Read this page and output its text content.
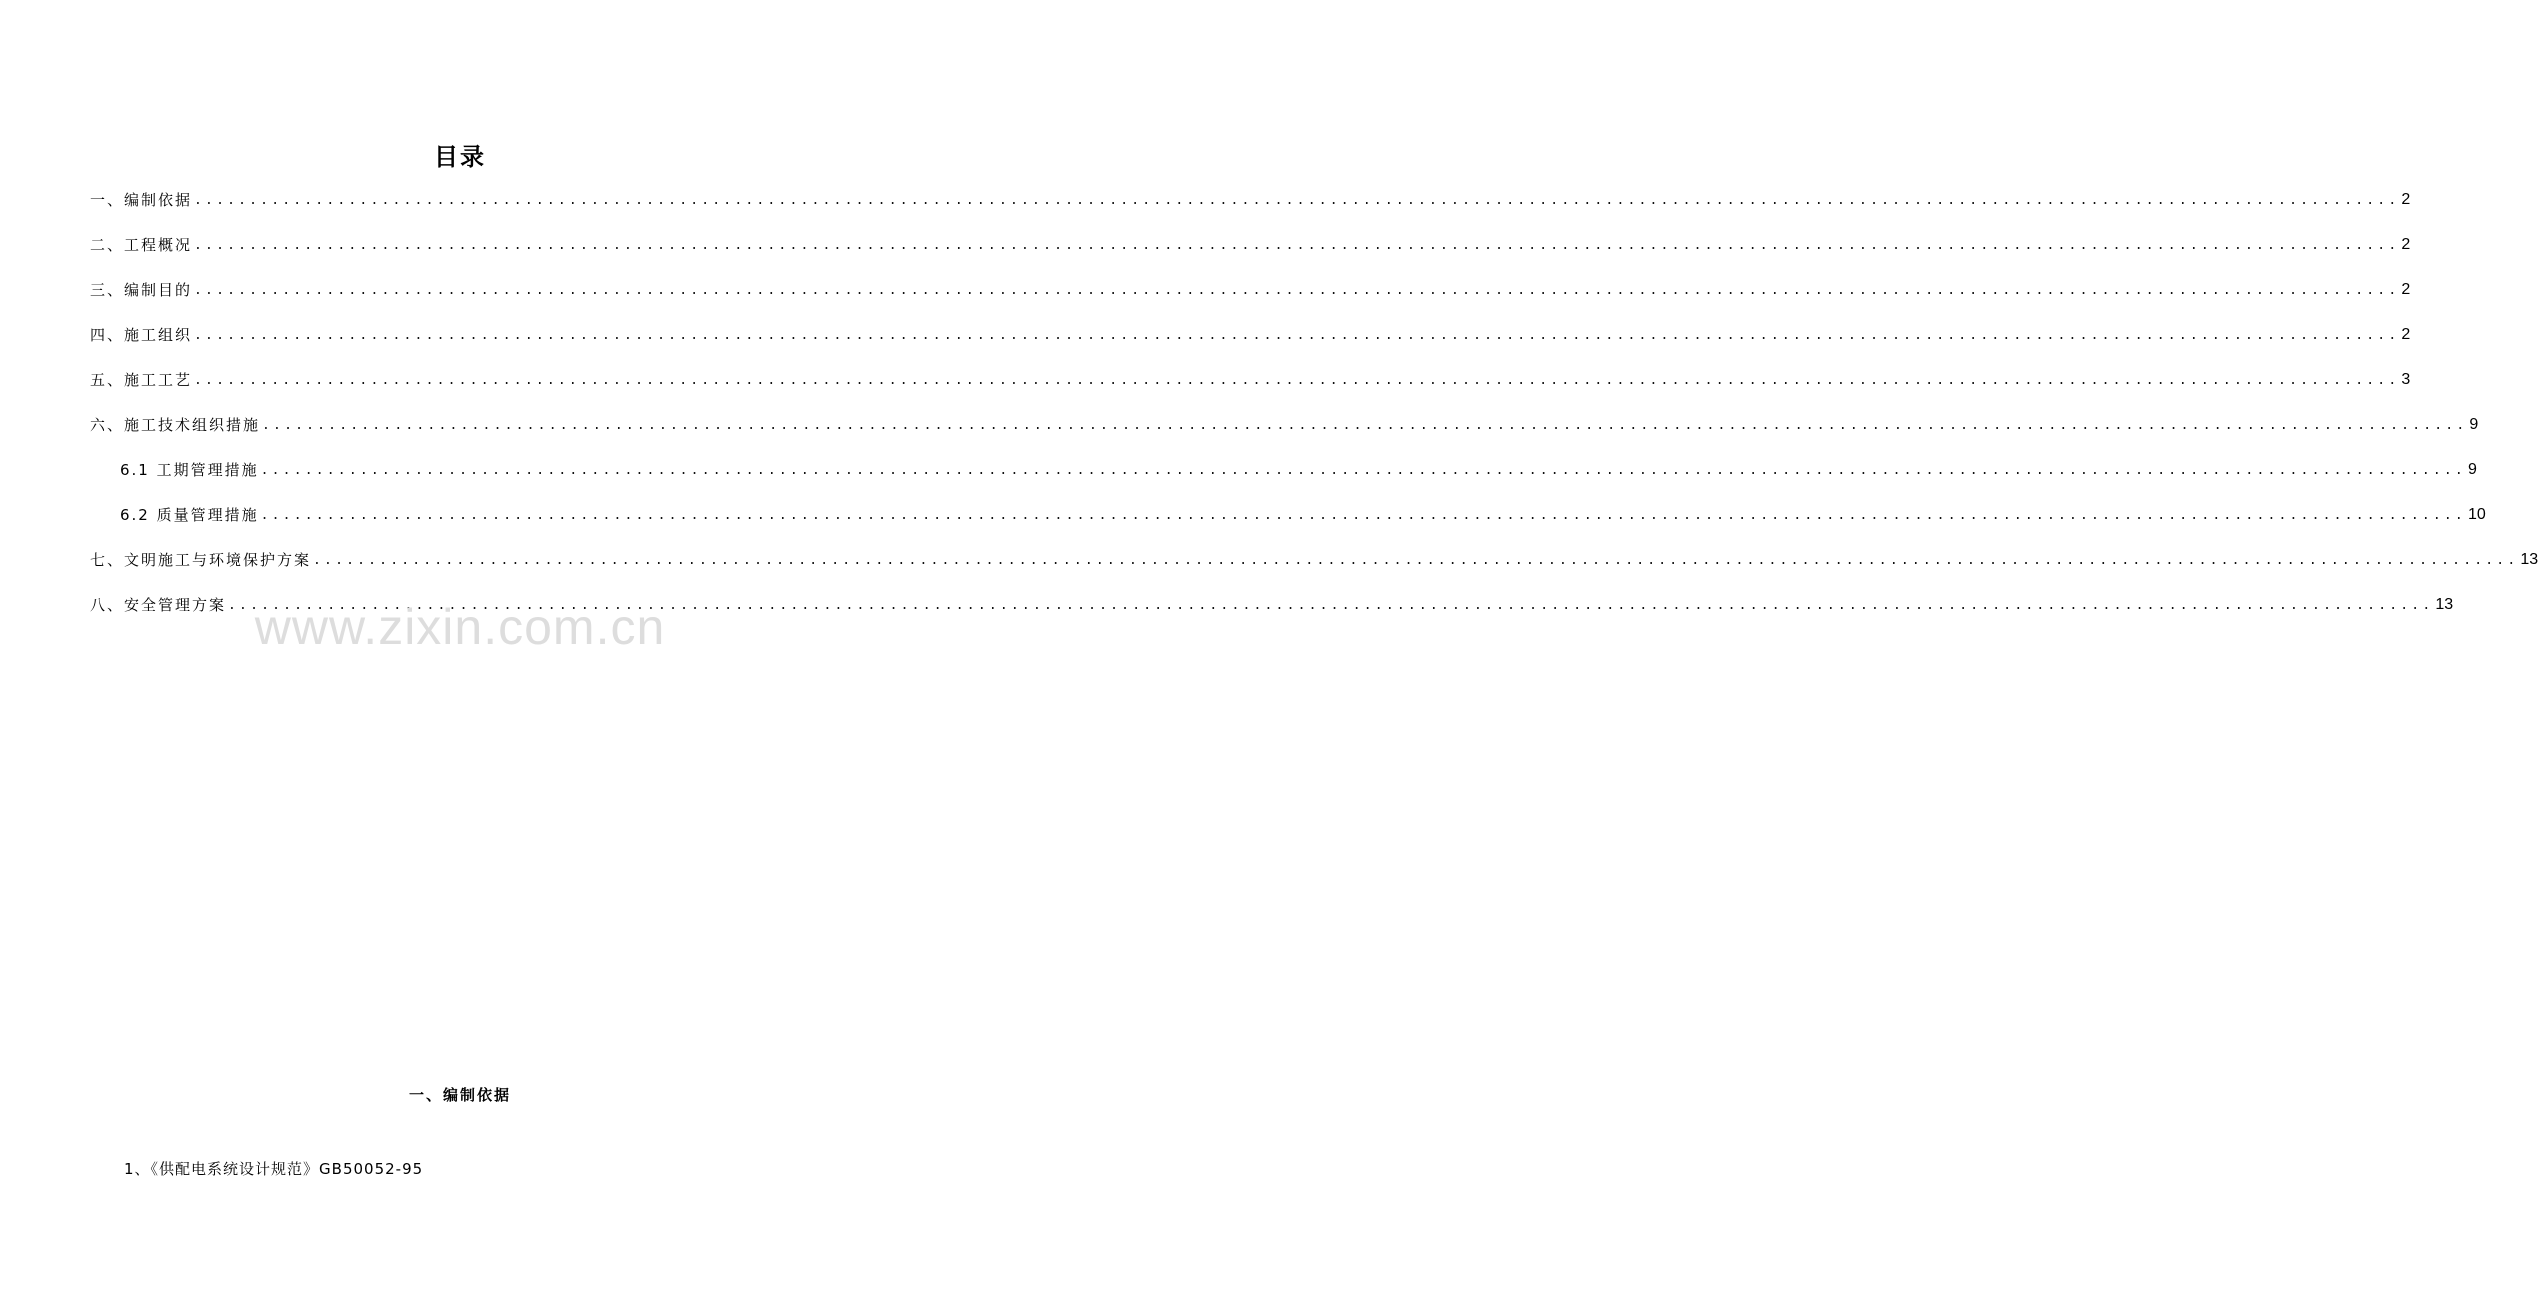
目录
一、编制依据 ........................................................................................................................................................................................................ 2
二、工程概况 ........................................................................................................................................................................................................ 2
三、编制目的 ........................................................................................................................................................................................................ 2
四、施工组织 ........................................................................................................................................................................................................ 2
五、施工工艺 ........................................................................................................................................................................................................ 3
六、施工技术组织措施 ........................................................................................................................................................................................................ 9
6.1 工期管理措施 ........................................................................................................................................................................................................ 9
6.2 质量管理措施 ........................................................................................................................................................................................................ 10
七、文明施工与环境保护方案 ........................................................................................................................................................................................................ 13
八、安全管理方案 ........................................................................................................................................................................................................ 13
www.zixin.com.cn
一、编制依据
1、《供配电系统设计规范》GB50052-95
